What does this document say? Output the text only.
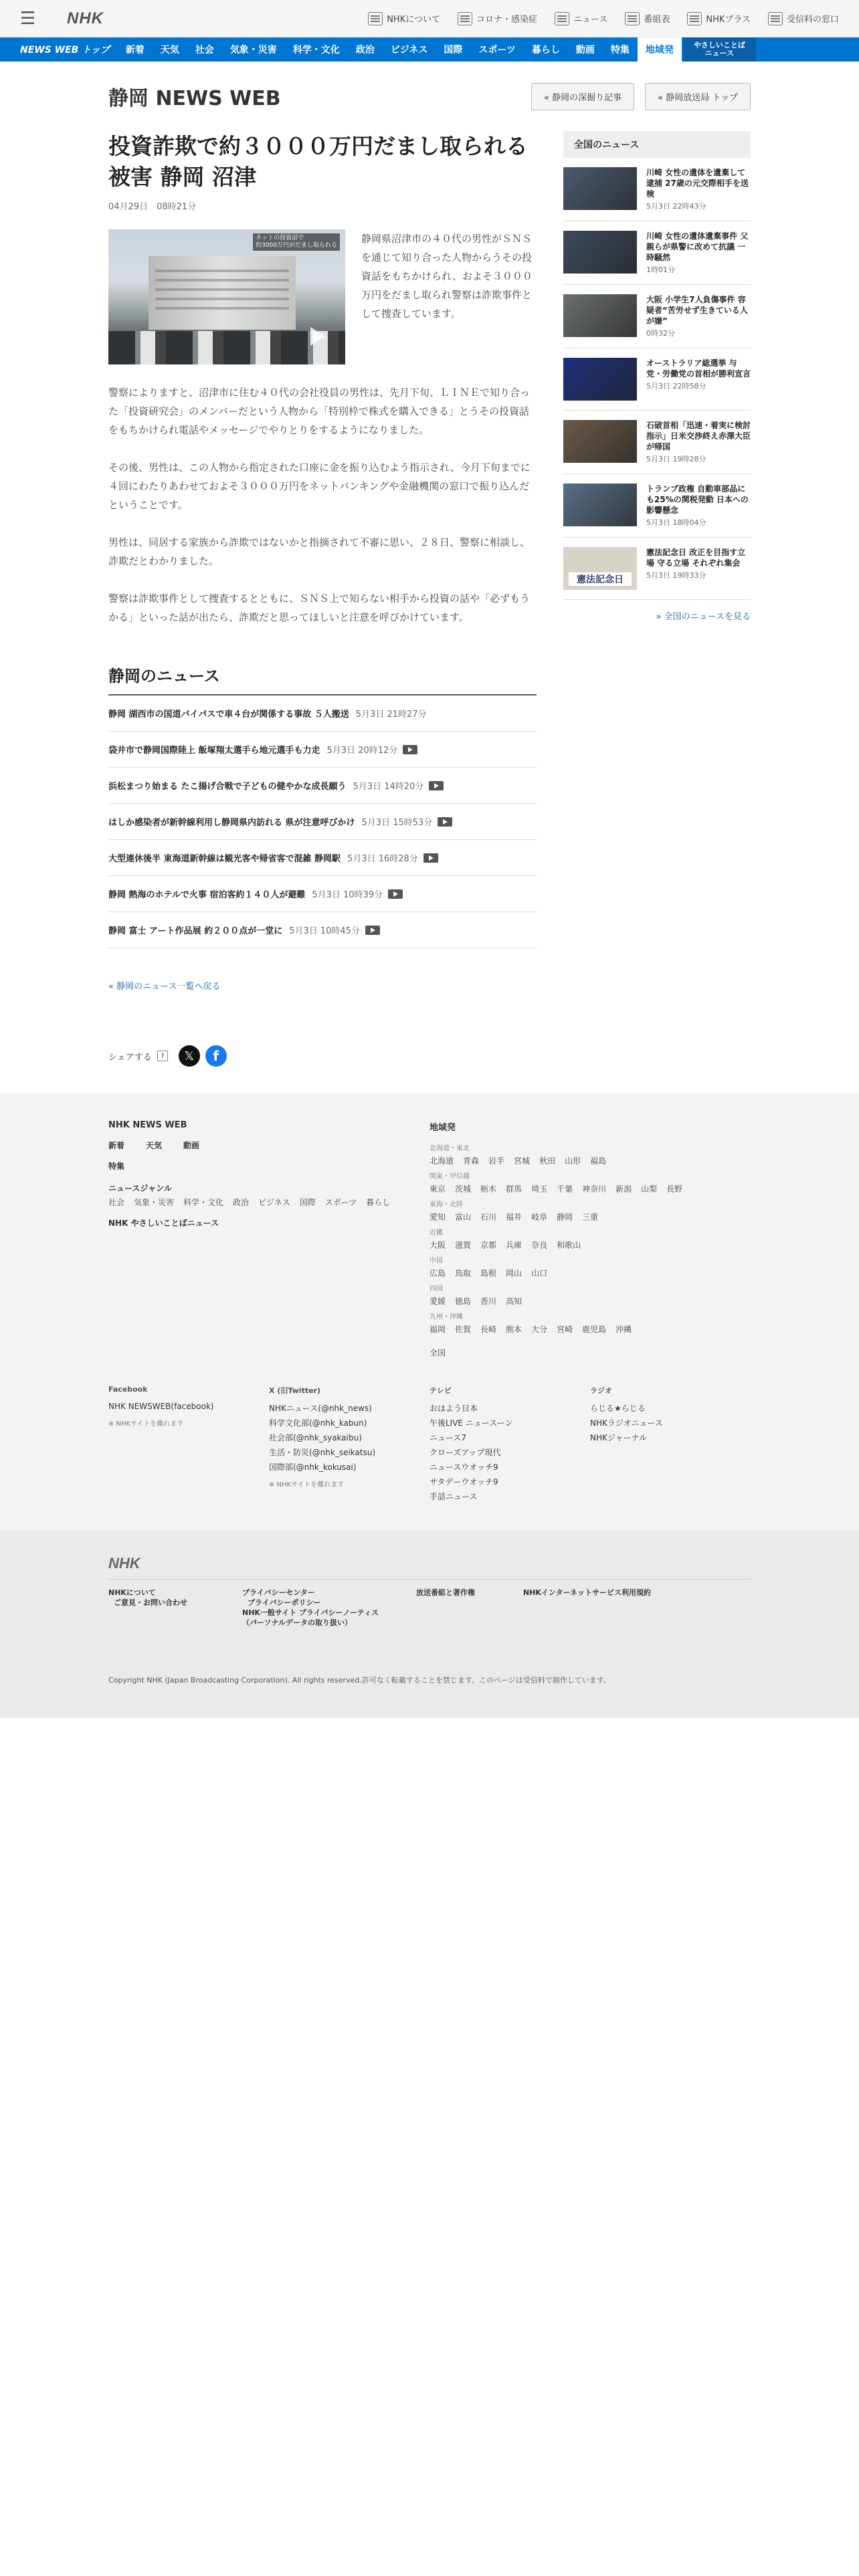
☰	NHK	NHKについて	コロナ・感染症	ニュース	番組表	NHKプラス	受信料の窓口
NEWS WEB トップ	新着	天気	社会	気象・災害	科学・文化	政治	ビジネス	国際	スポーツ	暮らし	動画	特集	地域発	やさしいことば
ニュース
静岡 NEWS WEB	« 静岡の深掘り記事	« 静岡放送局 トップ
投資詐欺で約３０００万円だまし取られる被害 静岡 沼津
04月29日　08時21分
ネットの投資話で
約3000万円がだまし取られる
静岡県沼津市の４０代の男性がＳＮＳを通じて知り合った人物からうその投資話をもちかけられ、およそ３０００万円をだまし取られ警察は詐欺事件として捜査しています。

警察によりますと、沼津市に住む４０代の会社役員の男性は、先月下旬、ＬＩＮＥで知り合った「投資研究会」のメンバーだという人物から「特別枠で株式を購入できる」とうその投資話をもちかけられ電話やメッセージでやりとりをするようになりました。

その後、男性は、この人物から指定された口座に金を振り込むよう指示され、今月下旬までに４回にわたりあわせておよそ３０００万円をネットバンキングや金融機関の窓口で振り込んだということです。

男性は、同居する家族から詐欺ではないかと指摘されて不審に思い、２８日、警察に相談し、詐欺だとわかりました。

警察は詐欺事件として捜査するとともに、ＳＮＳ上で知らない相手から投資の話や「必ずもうかる」といった話が出たら、詐欺だと思ってほしいと注意を呼びかけています。

静岡のニュース
静岡 湖西市の国道バイパスで車４台が関係する事故 ５人搬送 5月3日 21時27分
袋井市で静岡国際陸上 飯塚翔太選手ら地元選手も力走 5月3日 20時12分
浜松まつり始まる たこ揚げ合戦で子どもの健やかな成長願う 5月3日 14時20分
はしか感染者が新幹線利用し静岡県内訪れる 県が注意呼びかけ 5月3日 15時53分
大型連休後半 東海道新幹線は観光客や帰省客で混雑 静岡駅 5月3日 16時28分
静岡 熱海のホテルで火事 宿泊客約１４０人が避難 5月3日 10時39分
静岡 富士 アート作品展 約２００点が一堂に 5月3日 10時45分
« 静岡のニュース一覧へ戻る
シェアする	?	𝕏	f
全国のニュース
川崎 女性の遺体を遺棄して逮捕 27歳の元交際相手を送検
5月3日 22時43分
川崎 女性の遺体遺棄事件 父親らが県警に改めて抗議 一時騒然
1時01分
大阪 小学生7人負傷事件 容疑者“苦労せず生きている人が嫌”
0時32分
オーストラリア総選挙 与党・労働党の首相が勝利宣言
5月3日 22時58分
石破首相「迅速・着実に検討指示」日米交渉終え赤澤大臣が帰国
5月3日 19時28分
トランプ政権 自動車部品にも25%の関税発動 日本への影響懸念
5月3日 18時04分
憲法記念日
憲法記念日 改正を目指す立場 守る立場 それぞれ集会
5月3日 19時33分
» 全国のニュースを見る
NHK NEWS WEB
新着	天気	動画
特集
ニュースジャンル
社会 気象・災害 科学・文化 政治 ビジネス 国際 スポーツ 暮らし
NHK やさしいことばニュース
地域発
北海道・東北
北海道 青森 岩手 宮城 秋田 山形 福島
関東・甲信越
東京 茨城 栃木 群馬 埼玉 千葉 神奈川 新潟 山梨 長野
東海・北陸
愛知 富山 石川 福井 岐阜 静岡 三重
近畿
大阪 滋賀 京都 兵庫 奈良 和歌山
中国
広島 鳥取 島根 岡山 山口
四国
愛媛 徳島 香川 高知
九州・沖縄
福岡 佐賀 長崎 熊本 大分 宮崎 鹿児島 沖縄
全国
Facebook
NHK NEWSWEB(facebook)
※ NHKサイトを離れます
X (旧Twitter)
NHKニュース(@nhk_news)
科学文化部(@nhk_kabun)
社会部(@nhk_syakaibu)
生活・防災(@nhk_seikatsu)
国際部(@nhk_kokusai)
※ NHKサイトを離れます
テレビ
おはよう日本
午後LIVE ニュースーン
ニュース7
クローズアップ現代
ニュースウオッチ9
サタデーウオッチ9
手話ニュース
ラジオ
らじる★らじる
NHKラジオニュース
NHKジャーナル
NHK
NHKについて
ご意見・お問い合わせ
プライバシーセンター
プライバシーポリシー
NHK一般サイト プライバシーノーティス
（パーソナルデータの取り扱い）
放送番組と著作権	NHKインターネットサービス利用規約
Copyright NHK (Japan Broadcasting Corporation). All rights reserved.許可なく転載することを禁じます。このページは受信料で制作しています。
